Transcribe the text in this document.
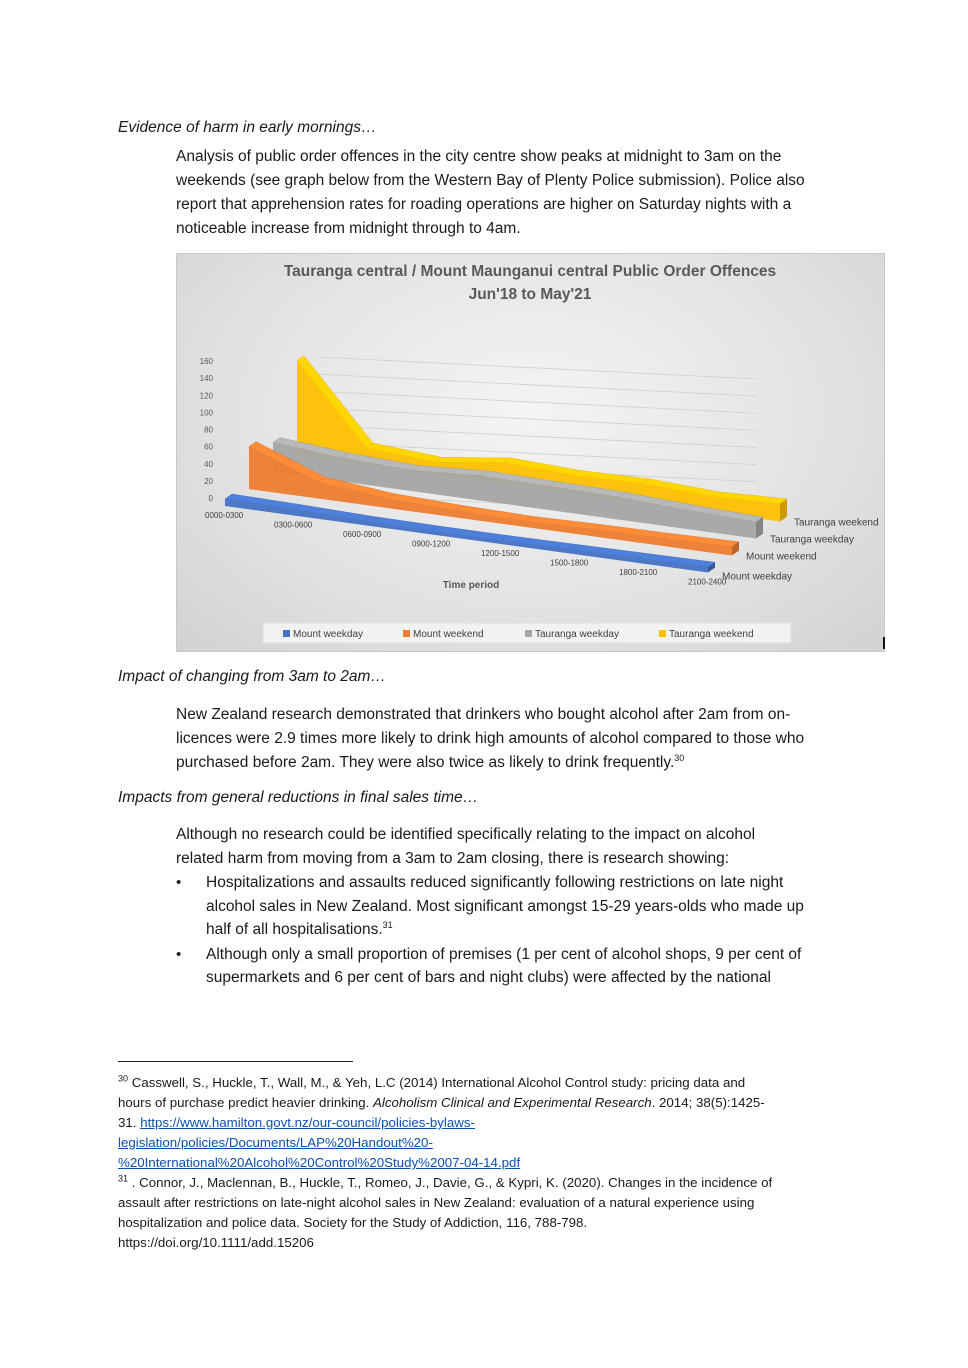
Evidence of harm in early mornings…
Analysis of public order offences in the city centre show peaks at midnight to 3am on the
weekends (see graph below from the Western Bay of Plenty Police submission). Police also
report that apprehension rates for roading operations are higher on Saturday nights with a
noticeable increase from midnight through to 4am.
Tauranga central / Mount Maunganui central Public Order Offences
Jun'18 to May'21
160
140
120
100
80
60
40
20
0
0000-0300
0300-0600
0600-0900
0900-1200
1200-1500
1500-1800
1800-2100
2100-2400
Tauranga weekend
Tauranga weekday
Mount weekend
Mount weekday
Time period
Mount weekday	Mount weekend	Tauranga weekday	Tauranga weekend
Impact of changing from 3am to 2am…
New Zealand research demonstrated that drinkers who bought alcohol after 2am from on-
licences were 2.9 times more likely to drink high amounts of alcohol compared to those who
purchased before 2am. They were also twice as likely to drink frequently.$^{30}$
Impacts from general reductions in final sales time…
Although no research could be identified specifically relating to the impact on alcohol
related harm from moving from a 3am to 2am closing, there is research showing:
• Hospitalizations and assaults reduced significantly following restrictions on late night
alcohol sales in New Zealand. Most significant amongst 15-29 years-olds who made up
half of all hospitalisations.$^{31}$
• Although only a small proportion of premises (1 per cent of alcohol shops, 9 per cent of
supermarkets and 6 per cent of bars and night clubs) were affected by the national
$^{30}$ Casswell, S., Huckle, T., Wall, M., & Yeh, L.C (2014) International Alcohol Control study: pricing data and
hours of purchase predict heavier drinking. Alcoholism Clinical and Experimental Research. 2014; 38(5):1425-
31. https://www.hamilton.govt.nz/our-council/policies-bylaws-
legislation/policies/Documents/LAP%20Handout%20-
%20International%20Alcohol%20Control%20Study%2007-04-14.pdf
$^{31}$ . Connor, J., Maclennan, B., Huckle, T., Romeo, J., Davie, G., & Kypri, K. (2020). Changes in the incidence of
assault after restrictions on late-night alcohol sales in New Zealand: evaluation of a natural experience using
hospitalization and police data. Society for the Study of Addiction, 116, 788-798.
https://doi.org/10.1111/add.15206
